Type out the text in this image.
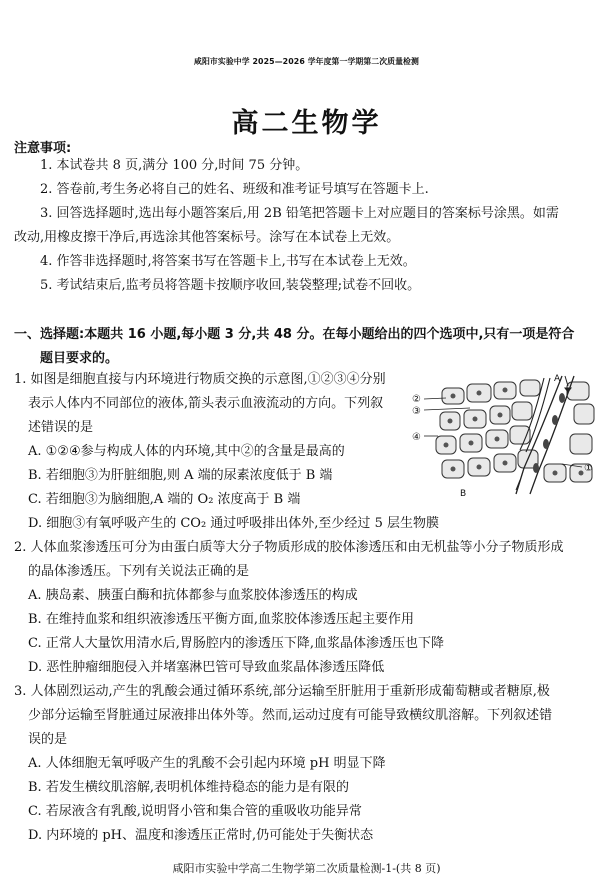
咸阳市实验中学 2025—2026 学年度第一学期第二次质量检测
高二生物学
注意事项:
1. 本试卷共 8 页,满分 100 分,时间 75 分钟。
2. 答卷前,考生务必将自己的姓名、班级和准考证号填写在答题卡上.
3. 回答选择题时,选出每小题答案后,用 2B 铅笔把答题卡上对应题目的答案标号涂黑。如需
改动,用橡皮擦干净后,再选涂其他答案标号。涂写在本试卷上无效。
4. 作答非选择题时,将答案书写在答题卡上,书写在本试卷上无效。
5. 考试结束后,监考员将答题卡按顺序收回,装袋整理;试卷不回收。
一、选择题:本题共 16 小题,每小题 3 分,共 48 分。在每小题给出的四个选项中,只有一项是符合
题目要求的。
1. 如图是细胞直接与内环境进行物质交换的示意图,①②③④分别
表示人体内不同部位的液体,箭头表示血液流动的方向。下列叙
述错误的是
A. ①②④参与构成人体的内环境,其中②的含量是最高的
B. 若细胞③为肝脏细胞,则 A 端的尿素浓度低于 B 端
C. 若细胞③为脑细胞,A 端的 O₂ 浓度高于 B 端
D. 细胞③有氧呼吸产生的 CO₂ 通过呼吸排出体外,至少经过 5 层生物膜
A
B
②
③
④
①
2. 人体血浆渗透压可分为由蛋白质等大分子物质形成的胶体渗透压和由无机盐等小分子物质形成
的晶体渗透压。下列有关说法正确的是
A. 胰岛素、胰蛋白酶和抗体都参与血浆胶体渗透压的构成
B. 在维持血浆和组织液渗透压平衡方面,血浆胶体渗透压起主要作用
C. 正常人大量饮用清水后,胃肠腔内的渗透压下降,血浆晶体渗透压也下降
D. 恶性肿瘤细胞侵入并堵塞淋巴管可导致血浆晶体渗透压降低
3. 人体剧烈运动,产生的乳酸会通过循环系统,部分运输至肝脏用于重新形成葡萄糖或者糖原,极
少部分运输至肾脏通过尿液排出体外等。然而,运动过度有可能导致横纹肌溶解。下列叙述错
误的是
A. 人体细胞无氧呼吸产生的乳酸不会引起内环境 pH 明显下降
B. 若发生横纹肌溶解,表明机体维持稳态的能力是有限的
C. 若尿液含有乳酸,说明肾小管和集合管的重吸收功能异常
D. 内环境的 pH、温度和渗透压正常时,仍可能处于失衡状态
咸阳市实验中学高二生物学第二次质量检测-1-(共 8 页)
